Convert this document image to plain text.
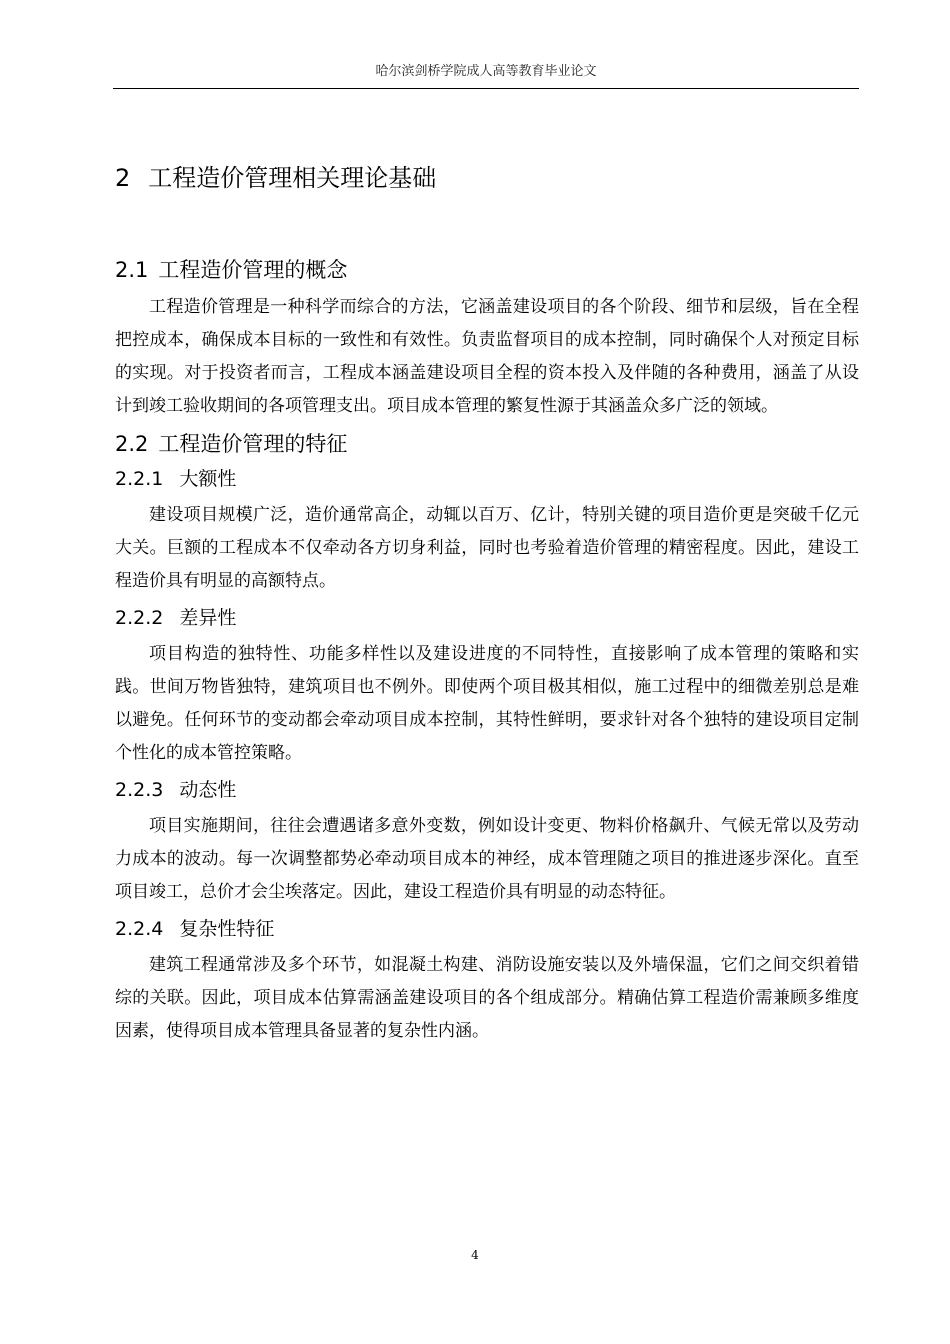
哈尔滨剑桥学院成人高等教育毕业论文
2 工程造价管理相关理论基础
2.1 工程造价管理的概念

工程造价管理是一种科学而综合的方法，它涵盖建设项目的各个阶段、细节和层级，旨在全程把控成本，确保成本目标的一致性和有效性。负责监督项目的成本控制，同时确保个人对预定目标的实现。对于投资者而言，工程成本涵盖建设项目全程的资本投入及伴随的各种费用，涵盖了从设计到竣工验收期间的各项管理支出。项目成本管理的繁复性源于其涵盖众多广泛的领域。

2.2 工程造价管理的特征
2.2.1 大额性

建设项目规模广泛，造价通常高企，动辄以百万、亿计，特别关键的项目造价更是突破千亿元大关。巨额的工程成本不仅牵动各方切身利益，同时也考验着造价管理的精密程度。因此，建设工程造价具有明显的高额特点。

2.2.2 差异性

项目构造的独特性、功能多样性以及建设进度的不同特性，直接影响了成本管理的策略和实践。世间万物皆独特，建筑项目也不例外。即使两个项目极其相似，施工过程中的细微差别总是难以避免。任何环节的变动都会牵动项目成本控制，其特性鲜明，要求针对各个独特的建设项目定制个性化的成本管控策略。

2.2.3 动态性

项目实施期间，往往会遭遇诸多意外变数，例如设计变更、物料价格飙升、气候无常以及劳动力成本的波动。每一次调整都势必牵动项目成本的神经，成本管理随之项目的推进逐步深化。直至项目竣工，总价才会尘埃落定。因此，建设工程造价具有明显的动态特征。

2.2.4 复杂性特征

建筑工程通常涉及多个环节，如混凝土构建、消防设施安装以及外墙保温，它们之间交织着错综的关联。因此，项目成本估算需涵盖建设项目的各个组成部分。精确估算工程造价需兼顾多维度因素，使得项目成本管理具备显著的复杂性内涵。

4
